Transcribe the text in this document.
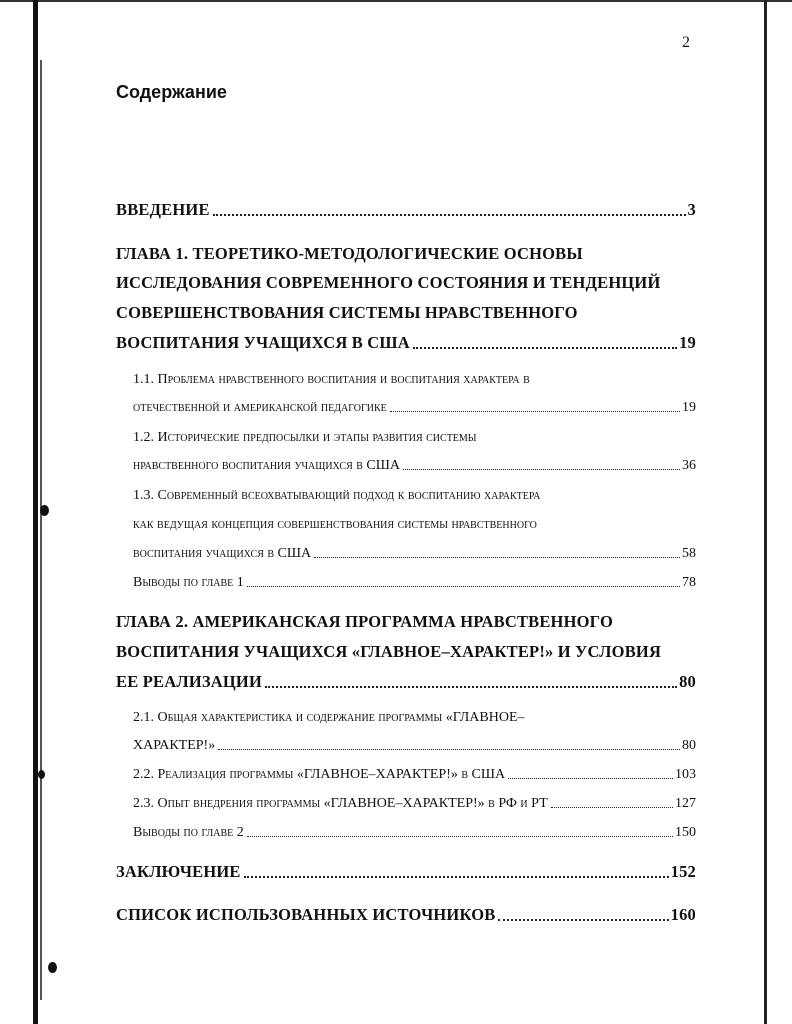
2
Содержание
ВВЕДЕНИЕ	3
ГЛАВА 1. ТЕОРЕТИКО-МЕТОДОЛОГИЧЕСКИЕ ОСНОВЫ
ИССЛЕДОВАНИЯ СОВРЕМЕННОГО СОСТОЯНИЯ И ТЕНДЕНЦИЙ
СОВЕРШЕНСТВОВАНИЯ СИСТЕМЫ НРАВСТВЕННОГО
ВОСПИТАНИЯ УЧАЩИХСЯ В США	19
1.1. Проблема нравственного воспитания и воспитания характера в
отечественной и американской педагогике	19
1.2. Исторические предпосылки и этапы развития системы
нравственного воспитания учащихся в США	36
1.3. Современный всеохватывающий подход к воспитанию характера
как ведущая концепция совершенствования системы нравственного
воспитания учащихся в США	58
Выводы по главе 1	78
ГЛАВА 2. АМЕРИКАНСКАЯ ПРОГРАММА НРАВСТВЕННОГО
ВОСПИТАНИЯ УЧАЩИХСЯ «ГЛАВНОЕ–ХАРАКТЕР!» И УСЛОВИЯ
ЕЕ РЕАЛИЗАЦИИ	80
2.1. Общая характеристика и содержание программы «ГЛАВНОЕ–
ХАРАКТЕР!»	80
2.2. Реализация программы «ГЛАВНОЕ–ХАРАКТЕР!» в США	103
2.3. Опыт внедрения программы «ГЛАВНОЕ–ХАРАКТЕР!» в РФ и РТ	127
Выводы по главе 2	150
ЗАКЛЮЧЕНИЕ	152
СПИСОК ИСПОЛЬЗОВАННЫХ ИСТОЧНИКОВ	160
